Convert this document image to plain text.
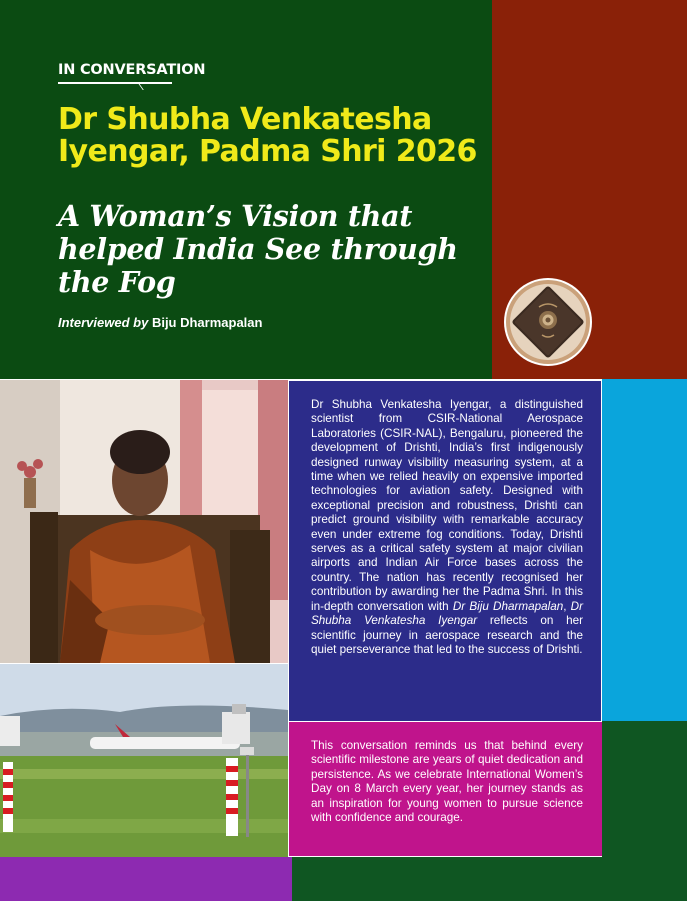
IN CONVERSATION
Dr Shubha Venkatesha Iyengar, Padma Shri 2026
A Woman’s Vision that helped India See through the Fog
Interviewed by Biju Dharmapalan
Dr Shubha Venkatesha Iyengar, a distinguished scientist from CSIR-National Aerospace Laboratories (CSIR-NAL), Bengaluru, pioneered the development of Drishti, India’s first indigenously designed runway visibility measuring system, at a time when we relied heavily on expensive imported technologies for aviation safety. Designed with exceptional precision and robustness, Drishti can predict ground visibility with remarkable accuracy even under extreme fog conditions. Today, Drishti serves as a critical safety system at major civilian airports and Indian Air Force bases across the country. The nation has recently recognised her contribution by awarding her the Padma Shri. In this in-depth conversation with Dr Biju Dharmapalan, Dr Shubha Venkatesha Iyengar reflects on her scientific journey in aerospace research and the quiet perseverance that led to the success of Drishti.
This conversation reminds us that behind every scientific milestone are years of quiet dedication and persistence. As we celebrate International Women’s Day on 8 March every year, her journey stands as an inspiration for young women to pursue science with confidence and courage.
